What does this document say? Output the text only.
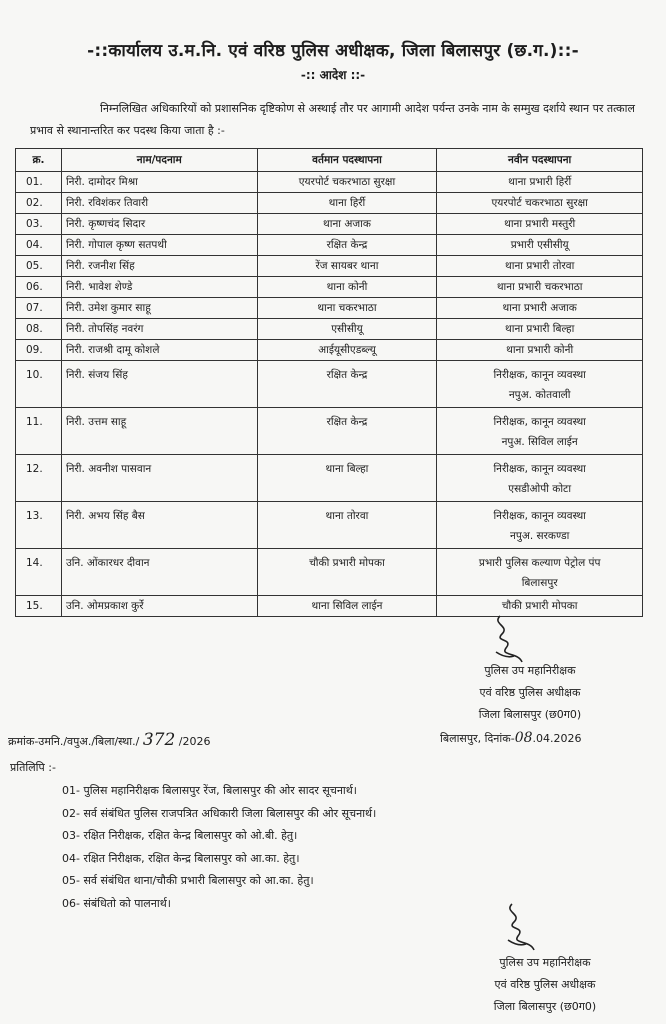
-::कार्यालय उ.म.नि. एवं वरिष्ठ पुलिस अधीक्षक, जिला बिलासपुर (छ.ग.)::-
-:: आदेश ::-
निम्नलिखित अधिकारियों को प्रशासनिक दृष्टिकोण से अस्थाई तौर पर आगामी आदेश पर्यन्त उनके नाम के सम्मुख दर्शाये स्थान पर तत्काल प्रभाव से स्थानान्तरित कर पदस्थ किया जाता है :-
क्र.	नाम/पदनाम	वर्तमान पदस्थापना	नवीन पदस्थापना
01.	निरी. दामोदर मिश्रा	एयरपोर्ट चकरभाठा सुरक्षा	थाना प्रभारी हिर्री

02.	निरी. रविशंकर तिवारी	थाना हिर्री	एयरपोर्ट चकरभाठा सुरक्षा

03.	निरी. कृष्णचंद सिदार	थाना अजाक	थाना प्रभारी मस्तुरी

04.	निरी. गोपाल कृष्ण सतपथी	रक्षित केन्द्र	प्रभारी एसीसीयू

05.	निरी. रजनीश सिंह	रेंज सायबर थाना	थाना प्रभारी तोरवा

06.	निरी. भावेश शेण्डे	थाना कोनी	थाना प्रभारी चकरभाठा

07.	निरी. उमेश कुमार साहू	थाना चकरभाठा	थाना प्रभारी अजाक

08.	निरी. तोपसिंह नवरंग	एसीसीयू	थाना प्रभारी बिल्हा

09.	निरी. राजश्री दामू कोशले	आईयूसीएडब्ल्यू	थाना प्रभारी कोनी

10.	निरी. संजय सिंह	रक्षित केन्द्र	निरीक्षक, कानून व्यवस्था
नपुअ. कोतवाली

11.	निरी. उत्तम साहू	रक्षित केन्द्र	निरीक्षक, कानून व्यवस्था
नपुअ. सिविल लाईन

12.	निरी. अवनीश पासवान	थाना बिल्हा	निरीक्षक, कानून व्यवस्था
एसडीओपी कोटा

13.	निरी. अभय सिंह बैस	थाना तोरवा	निरीक्षक, कानून व्यवस्था
नपुअ. सरकण्डा

14.	उनि. ओंकारधर दीवान	चौकी प्रभारी मोपका	प्रभारी पुलिस कल्याण पेट्रोल पंप
बिलासपुर

15.	उनि. ओमप्रकाश कुर्रे	थाना सिविल लाईन	चौकी प्रभारी मोपका
पुलिस उप महानिरीक्षक
एवं वरिष्ठ पुलिस अधीक्षक
जिला बिलासपुर (छ0ग0)
क्रमांक-उमनि./वपुअ./बिला/स्था./ 372 /2026	बिलासपुर, दिनांक-08.04.2026
प्रतिलिपि :-
01- पुलिस महानिरीक्षक बिलासपुर रेंज, बिलासपुर की ओर सादर सूचनार्थ।
02- सर्व संबंधित पुलिस राजपत्रित अधिकारी जिला बिलासपुर की ओर सूचनार्थ।
03- रक्षित निरीक्षक, रक्षित केन्द्र बिलासपुर को ओ.बी. हेतु।
04- रक्षित निरीक्षक, रक्षित केन्द्र बिलासपुर को आ.का. हेतु।
05- सर्व संबंधित थाना/चौकी प्रभारी बिलासपुर को आ.का. हेतु।
06- संबंधितो को पालनार्थ।
पुलिस उप महानिरीक्षक
एवं वरिष्ठ पुलिस अधीक्षक
जिला बिलासपुर (छ0ग0)
